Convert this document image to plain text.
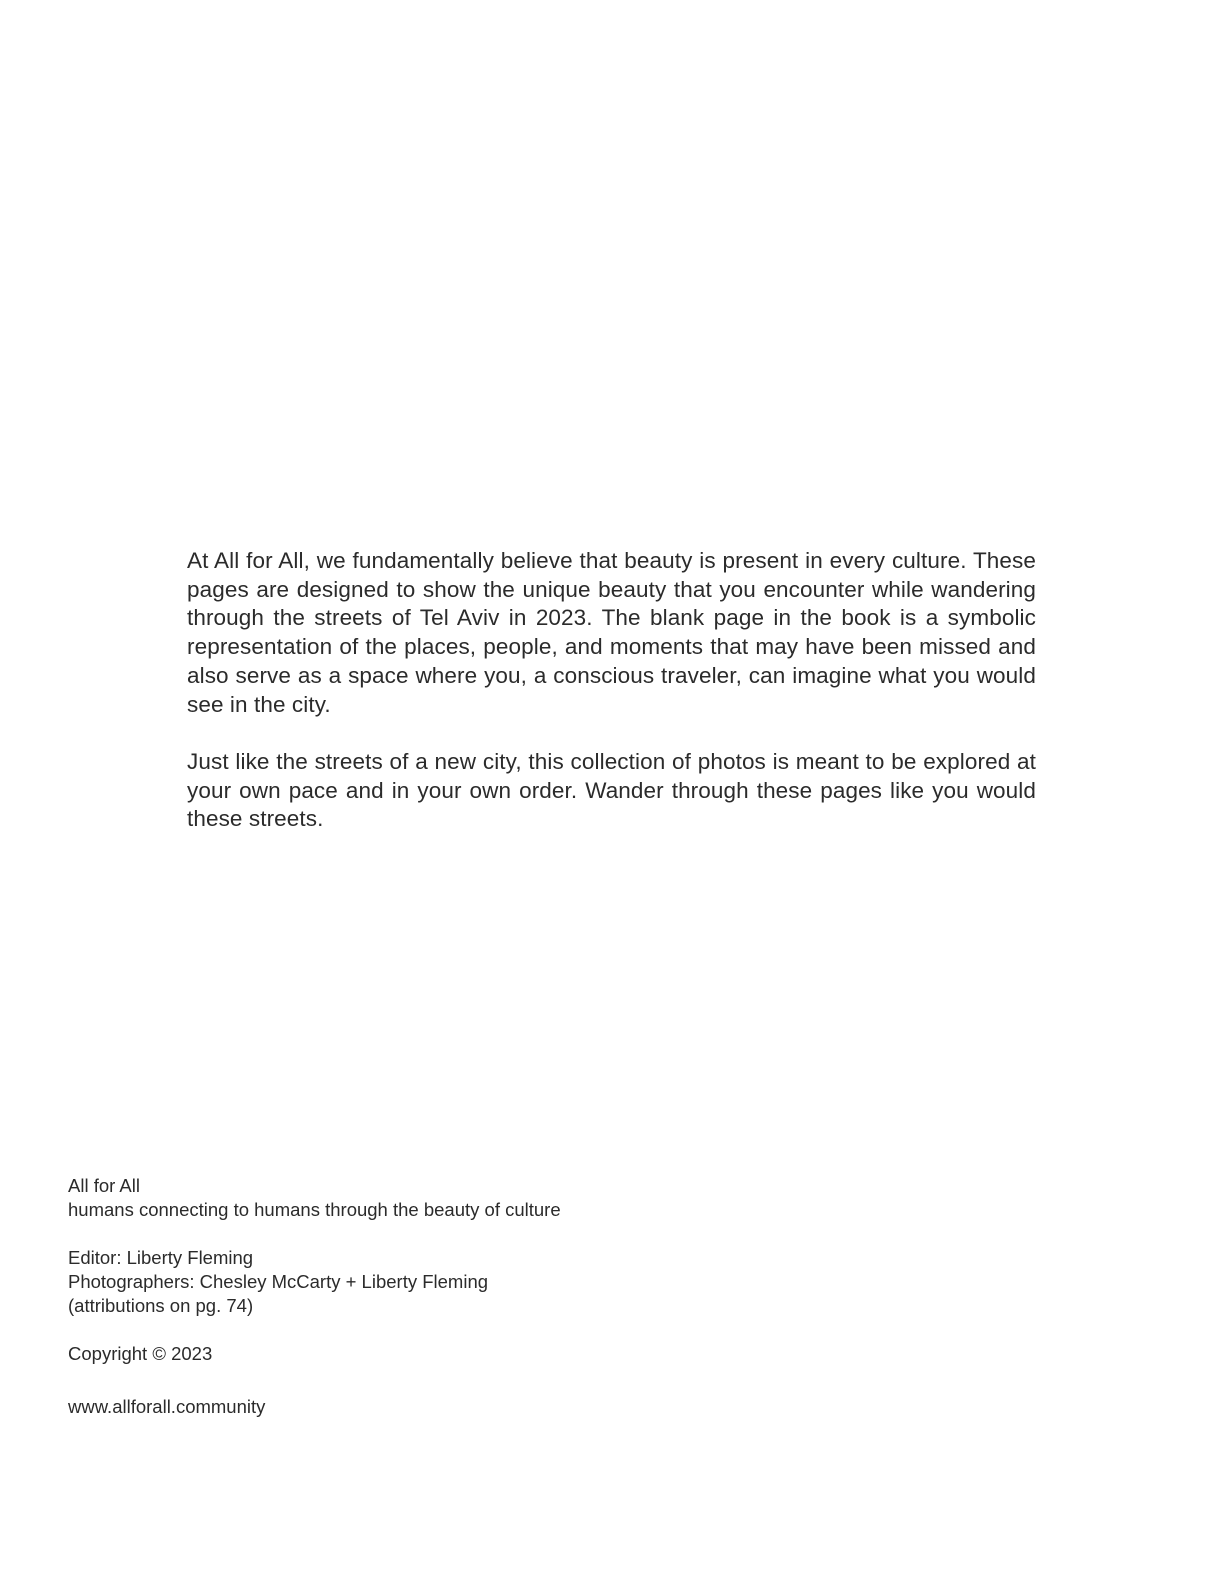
At All for All, we fundamentally believe that beauty is present in every culture. These pages are designed to show the unique beauty that you encounter while wandering through the streets of Tel Aviv in 2023. The blank page in the book is a symbolic representation of the places, people, and moments that may have been missed and also serve as a space where you, a conscious traveler, can imagine what you would see in the city.

Just like the streets of a new city, this collection of photos is meant to be explored at your own pace and in your own order. Wander through these pages like you would these streets.

All for All
humans connecting to humans through the beauty of culture
Editor: Liberty Fleming
Photographers: Chesley McCarty + Liberty Fleming
(attributions on pg. 74)
Copyright © 2023
www.allforall.community
